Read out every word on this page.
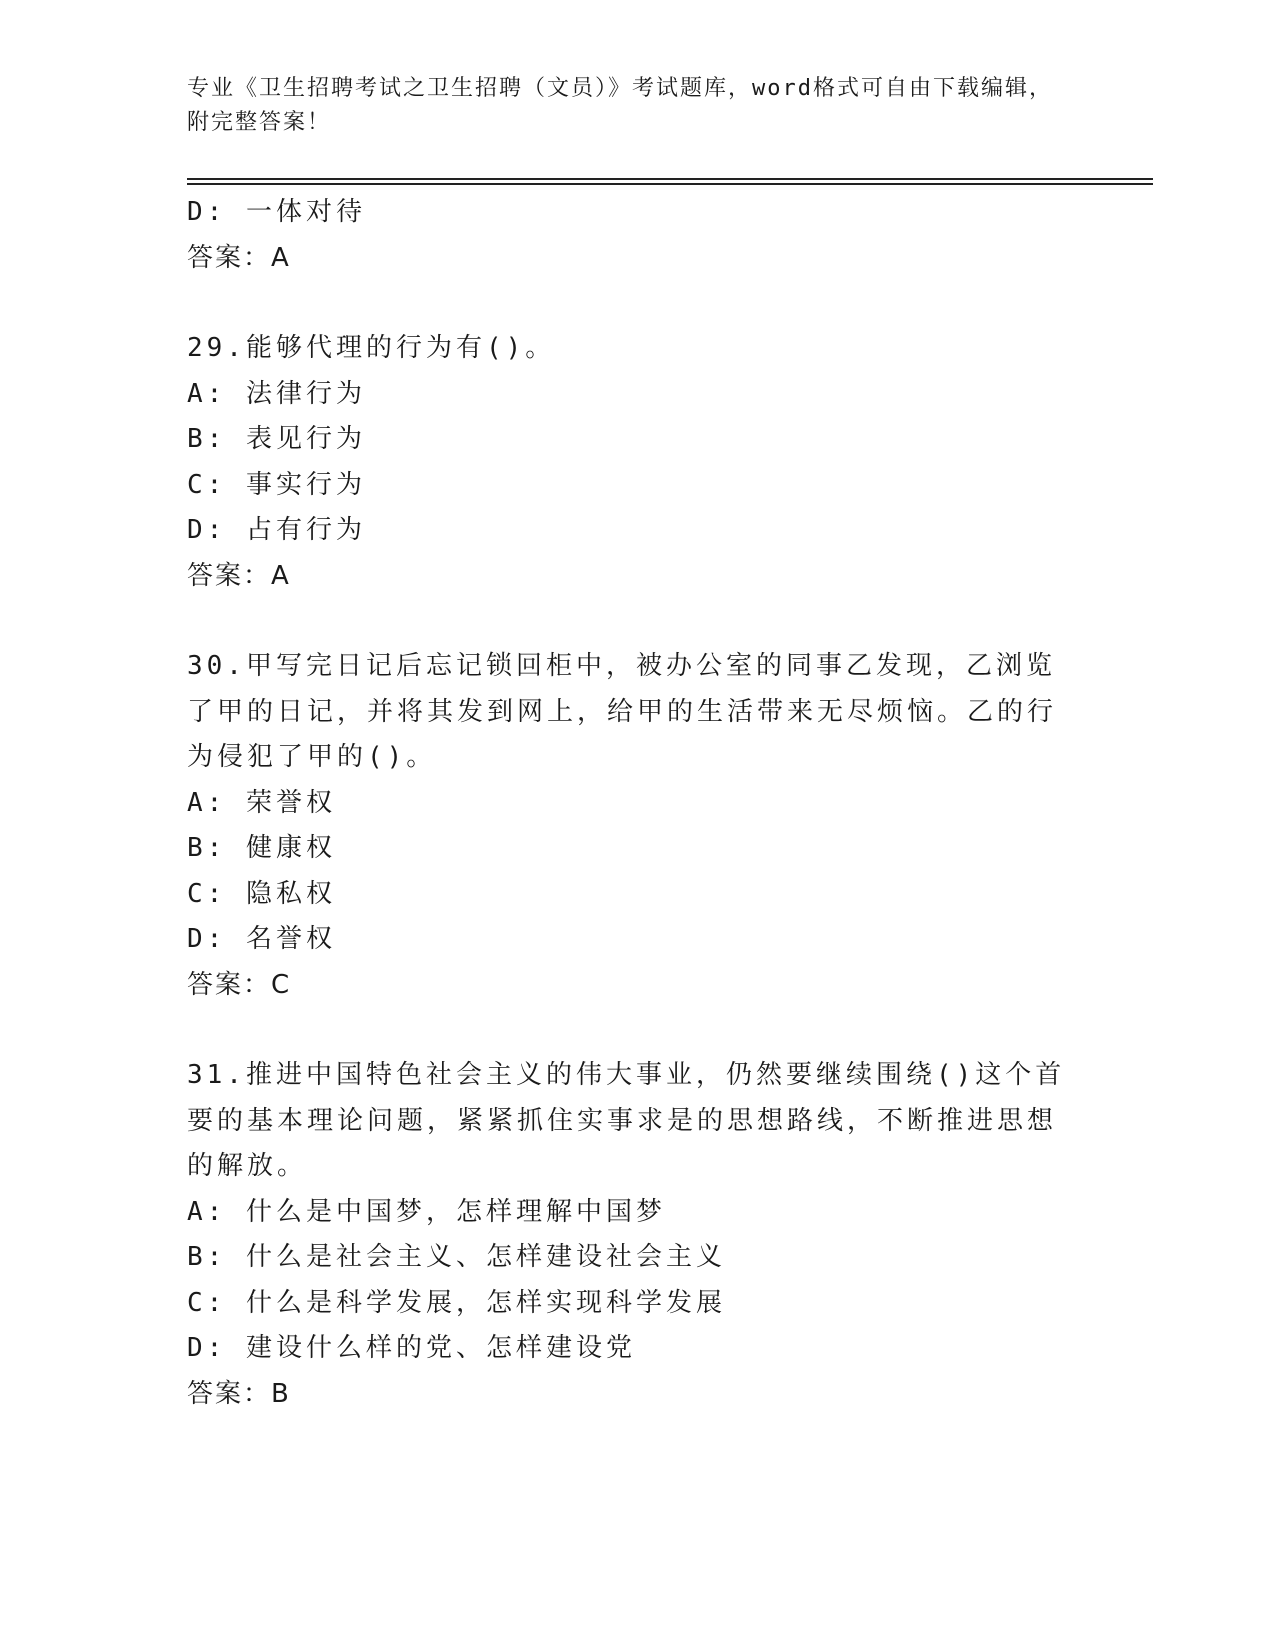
专业《卫生招聘考试之卫生招聘（文员）》考试题库，word格式可自由下载编辑，附完整答案！
D: 一体对待
答案：A
29.能够代理的行为有()。
A: 法律行为
B: 表见行为
C: 事实行为
D: 占有行为
答案：A
30.甲写完日记后忘记锁回柜中，被办公室的同事乙发现，乙浏览了甲的日记，并将其发到网上，给甲的生活带来无尽烦恼。乙的行为侵犯了甲的()。
A: 荣誉权
B: 健康权
C: 隐私权
D: 名誉权
答案：C
31.推进中国特色社会主义的伟大事业，仍然要继续围绕()这个首要的基本理论问题，紧紧抓住实事求是的思想路线，不断推进思想的解放。
A: 什么是中国梦，怎样理解中国梦
B: 什么是社会主义、怎样建设社会主义
C: 什么是科学发展，怎样实现科学发展
D: 建设什么样的党、怎样建设党
答案：B
